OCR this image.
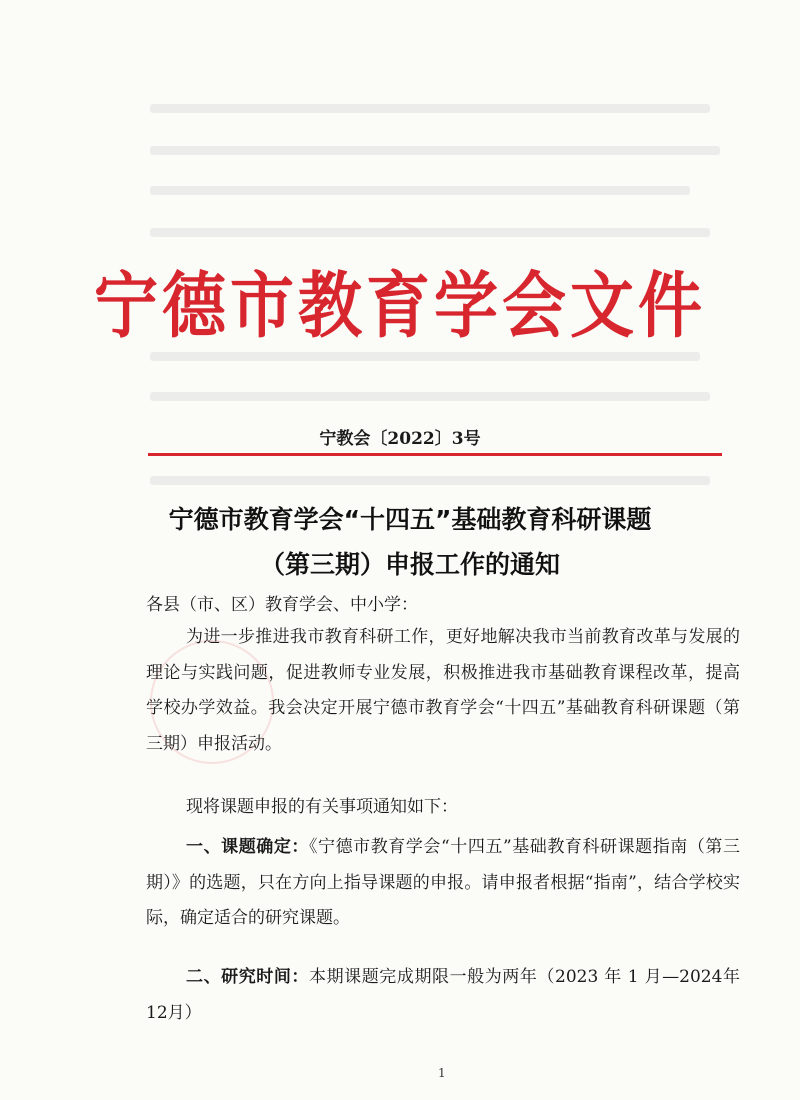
宁德市教育学会文件
宁教会〔2022〕3号
宁德市教育学会“十四五”基础教育科研课题
（第三期）申报工作的通知
各县（市、区）教育学会、中小学：
为进一步推进我市教育科研工作，更好地解决我市当前教育改革与发展的理论与实践问题，促进教师专业发展，积极推进我市基础教育课程改革，提高学校办学效益。我会决定开展宁德市教育学会“十四五”基础教育科研课题（第三期）申报活动。
现将课题申报的有关事项通知如下：
一、课题确定：《宁德市教育学会“十四五”基础教育科研课题指南（第三期）》的选题，只在方向上指导课题的申报。请申报者根据“指南”，结合学校实际，确定适合的研究课题。
二、研究时间：本期课题完成期限一般为两年（2023 年 1 月—2024年12月）
1
